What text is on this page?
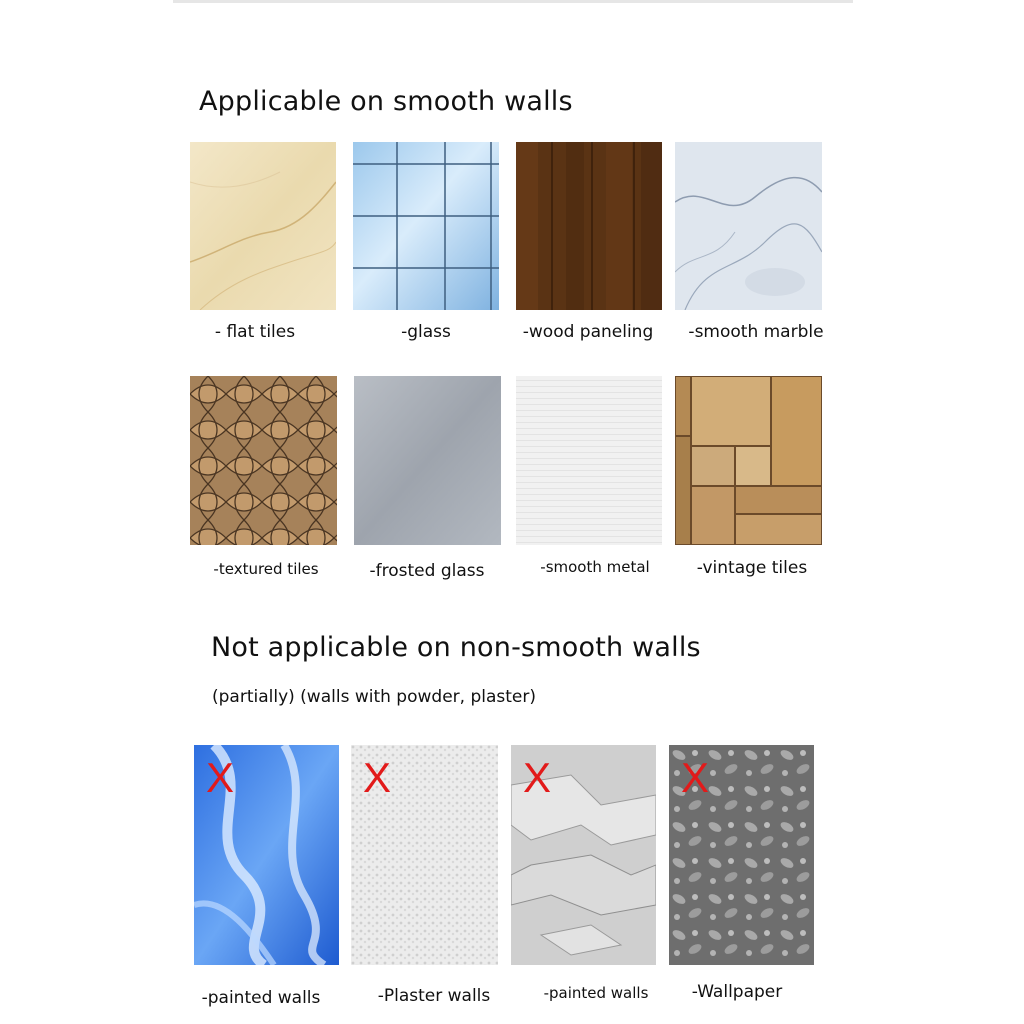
Applicable on smooth walls
- flat tiles	-glass	-wood paneling -smooth marble
-textured tiles	-frosted glass	-smooth metal	-vintage tiles
Not applicable on non-smooth walls
(partially) (walls with powder, plaster)
X
-painted walls
X
-Plaster walls
X
-painted walls
X
-Wallpaper
